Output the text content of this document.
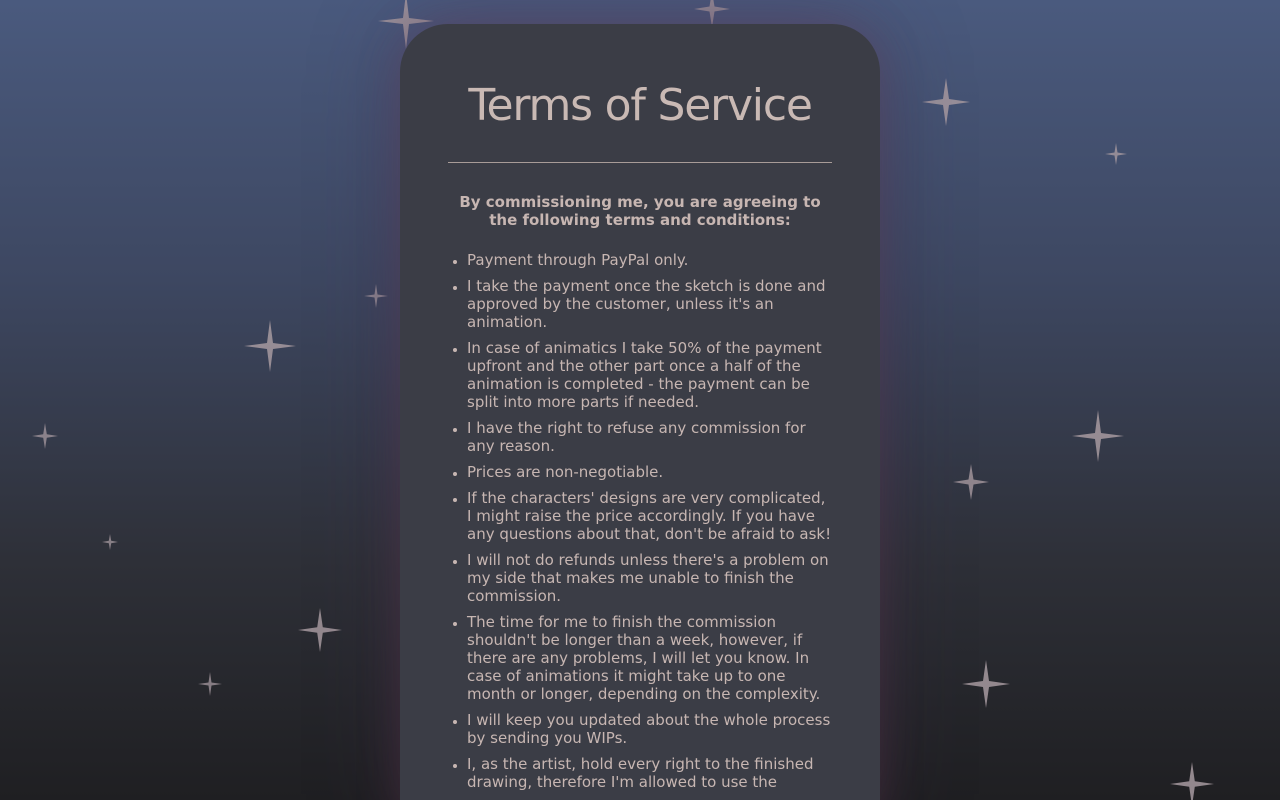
Terms of Service

By commissioning me, you are agreeing to the following terms and conditions:

• Payment through PayPal only.
• I take the payment once the sketch is done and approved by the customer, unless it's an animation.
• In case of animatics I take 50% of the payment upfront and the other part once a half of the animation is completed - the payment can be split into more parts if needed.
• I have the right to refuse any commission for any reason.
• Prices are non-negotiable.
• If the characters' designs are very complicated, I might raise the price accordingly. If you have any questions about that, don't be afraid to ask!
• I will not do refunds unless there's a problem on my side that makes me unable to finish the commission.
• The time for me to finish the commission shouldn't be longer than a week, however, if there are any problems, I will let you know. In case of animations it might take up to one month or longer, depending on the complexity.
• I will keep you updated about the whole process by sending you WIPs.
• I, as the artist, hold every right to the finished drawing, therefore I'm allowed to use the
